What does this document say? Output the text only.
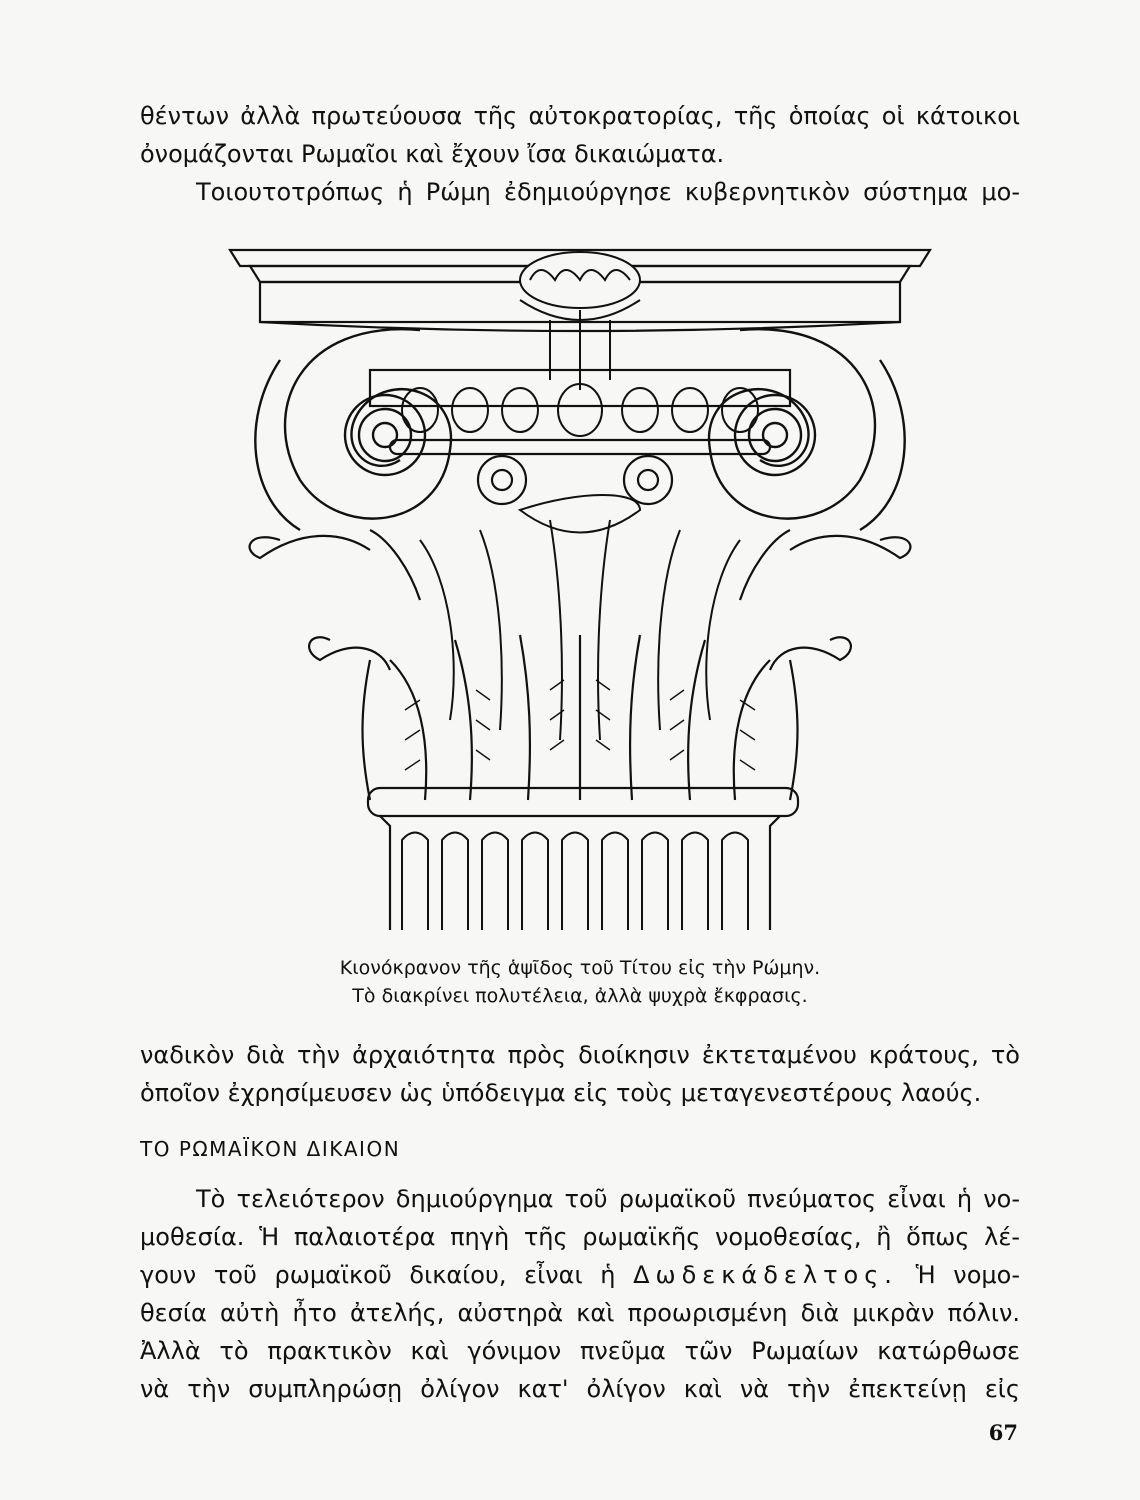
θέντων ἀλλὰ πρωτεύουσα τῆς αὐτοκρατορίας, τῆς ὁποίας οἱ κάτοικοι
ὀνομάζονται Ρωμαῖοι καὶ ἔχουν ἴσα δικαιώματα.
Τοιουτοτρόπως ἡ Ρώμη ἐδημιούργησε κυβερνητικὸν σύστημα μο-
Κιονόκρανον τῆς ἁψῖδος τοῦ Τίτου εἰς τὴν Ρώμην.
Τὸ διακρίνει πολυτέλεια, ἀλλὰ ψυχρὰ ἔκφρασις.
ναδικὸν διὰ τὴν ἀρχαιότητα πρὸς διοίκησιν ἐκτεταμένου κράτους, τὸ
ὁποῖον ἐχρησίμευσεν ὡς ὑπόδειγμα εἰς τοὺς μεταγενεστέρους λαούς.
ΤΟ ΡΩΜΑΪΚΟΝ ΔΙΚΑΙΟΝ
Τὸ τελειότερον δημιούργημα τοῦ ρωμαϊκοῦ πνεύματος εἶναι ἡ νο-
μοθεσία. Ἡ παλαιοτέρα πηγὴ τῆς ρωμαϊκῆς νομοθεσίας, ἢ ὅπως λέ-
γουν τοῦ ρωμαϊκοῦ δικαίου, εἶναι ἡ Δωδεκάδελτος. Ἡ νομο-
θεσία αὐτὴ ἦτο ἀτελής, αὐστηρὰ καὶ προωρισμένη διὰ μικρὰν πόλιν.
Ἀλλὰ τὸ πρακτικὸν καὶ γόνιμον πνεῦμα τῶν Ρωμαίων κατώρθωσε
νὰ τὴν συμπληρώσῃ ὀλίγον κατ' ὀλίγον καὶ νὰ τὴν ἐπεκτείνῃ εἰς
67
